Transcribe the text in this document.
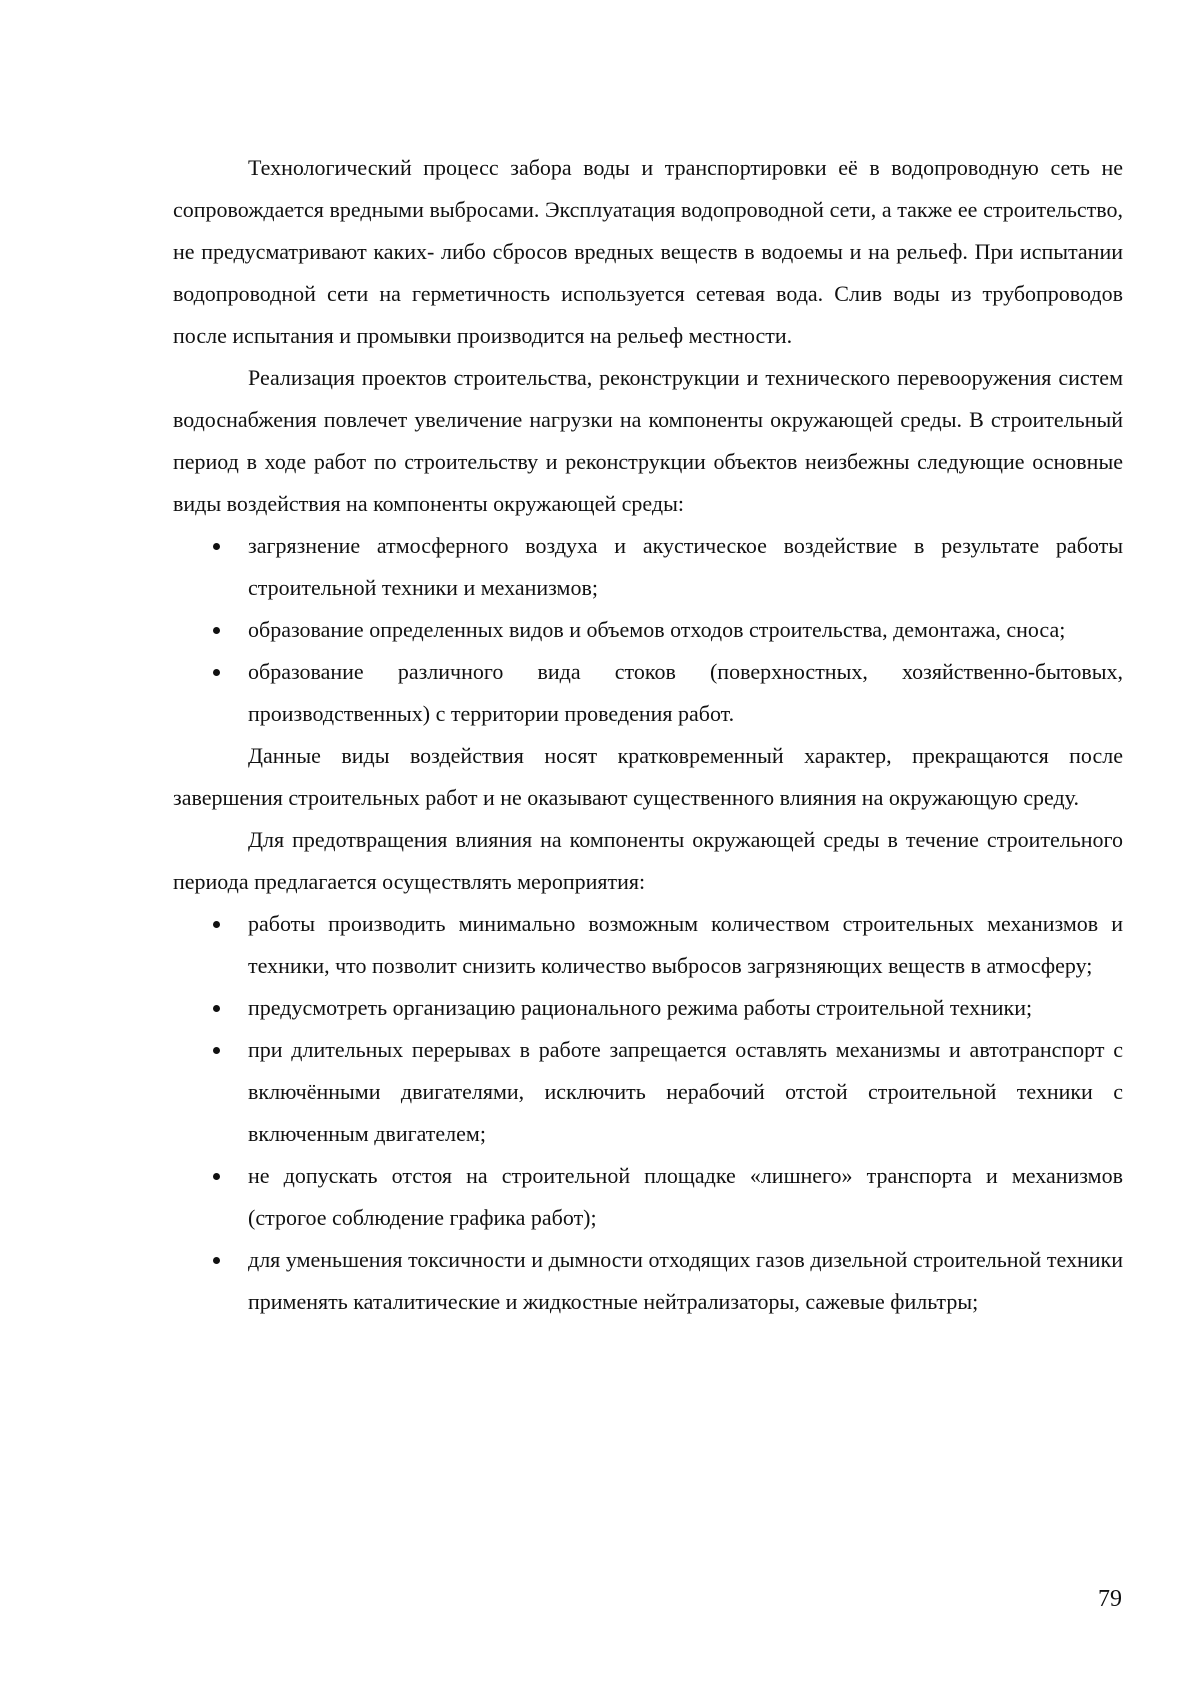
Технологический процесс забора воды и транспортировки её в водопроводную сеть не сопровождается вредными выбросами. Эксплуатация водопроводной сети, а также ее строительство, не предусматривают каких- либо сбросов вредных веществ в водоемы и на рельеф. При испытании водопроводной сети на герметичность используется сетевая вода. Слив воды из трубопроводов после испытания и промывки производится на рельеф местности.

Реализация проектов строительства, реконструкции и технического перевооружения систем водоснабжения повлечет увеличение нагрузки на компоненты окружающей среды. В строительный период в ходе работ по строительству и реконструкции объектов неизбежны следующие основные виды воздействия на компоненты окружающей среды:

загрязнение атмосферного воздуха и акустическое воздействие в результате работы строительной техники и механизмов;
образование определенных видов и объемов отходов строительства, демонтажа, сноса;
образование различного вида стоков (поверхностных, хозяйственно-бытовых, производственных) с территории проведения работ.

Данные виды воздействия носят кратковременный характер, прекращаются после завершения строительных работ и не оказывают существенного влияния на окружающую среду.

Для предотвращения влияния на компоненты окружающей среды в течение строительного периода предлагается осуществлять мероприятия:

работы производить минимально возможным количеством строительных механизмов и техники, что позволит снизить количество выбросов загрязняющих веществ в атмосферу;
предусмотреть организацию рационального режима работы строительной техники;
при длительных перерывах в работе запрещается оставлять механизмы и автотранспорт с включёнными двигателями, исключить нерабочий отстой строительной техники с включенным двигателем;
не допускать отстоя на строительной площадке «лишнего» транспорта и механизмов (строгое соблюдение графика работ);
для уменьшения токсичности и дымности отходящих газов дизельной строительной техники применять каталитические и жидкостные нейтрализаторы, сажевые фильтры;
79
